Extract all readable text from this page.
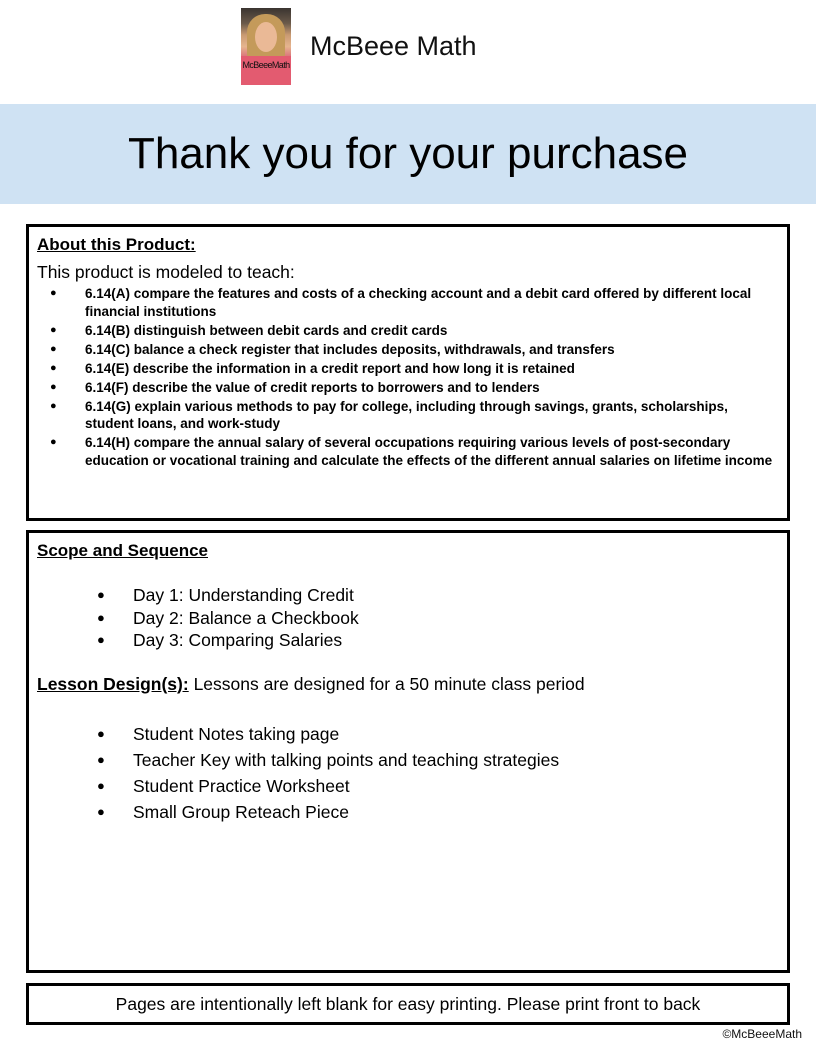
McBeeeMath
McBeee Math
Thank you for your purchase
About this Product:
This product is modeled to teach:
● 6.14(A) compare the features and costs of a checking account and a debit card offered by different local financial institutions
● 6.14(B) distinguish between debit cards and credit cards
● 6.14(C) balance a check register that includes deposits, withdrawals, and transfers
● 6.14(E) describe the information in a credit report and how long it is retained
● 6.14(F) describe the value of credit reports to borrowers and to lenders
● 6.14(G) explain various methods to pay for college, including through savings, grants, scholarships, student loans, and work-study
● 6.14(H) compare the annual salary of several occupations requiring various levels of post-secondary education or vocational training and calculate the effects of the different annual salaries on lifetime income
Scope and Sequence
● Day 1: Understanding Credit
● Day 2: Balance a Checkbook
● Day 3: Comparing Salaries
Lesson Design(s): Lessons are designed for a 50 minute class period
● Student Notes taking page
● Teacher Key with talking points and teaching strategies
● Student Practice Worksheet
● Small Group Reteach Piece
Pages are intentionally left blank for easy printing. Please print front to back
©McBeeeMath
